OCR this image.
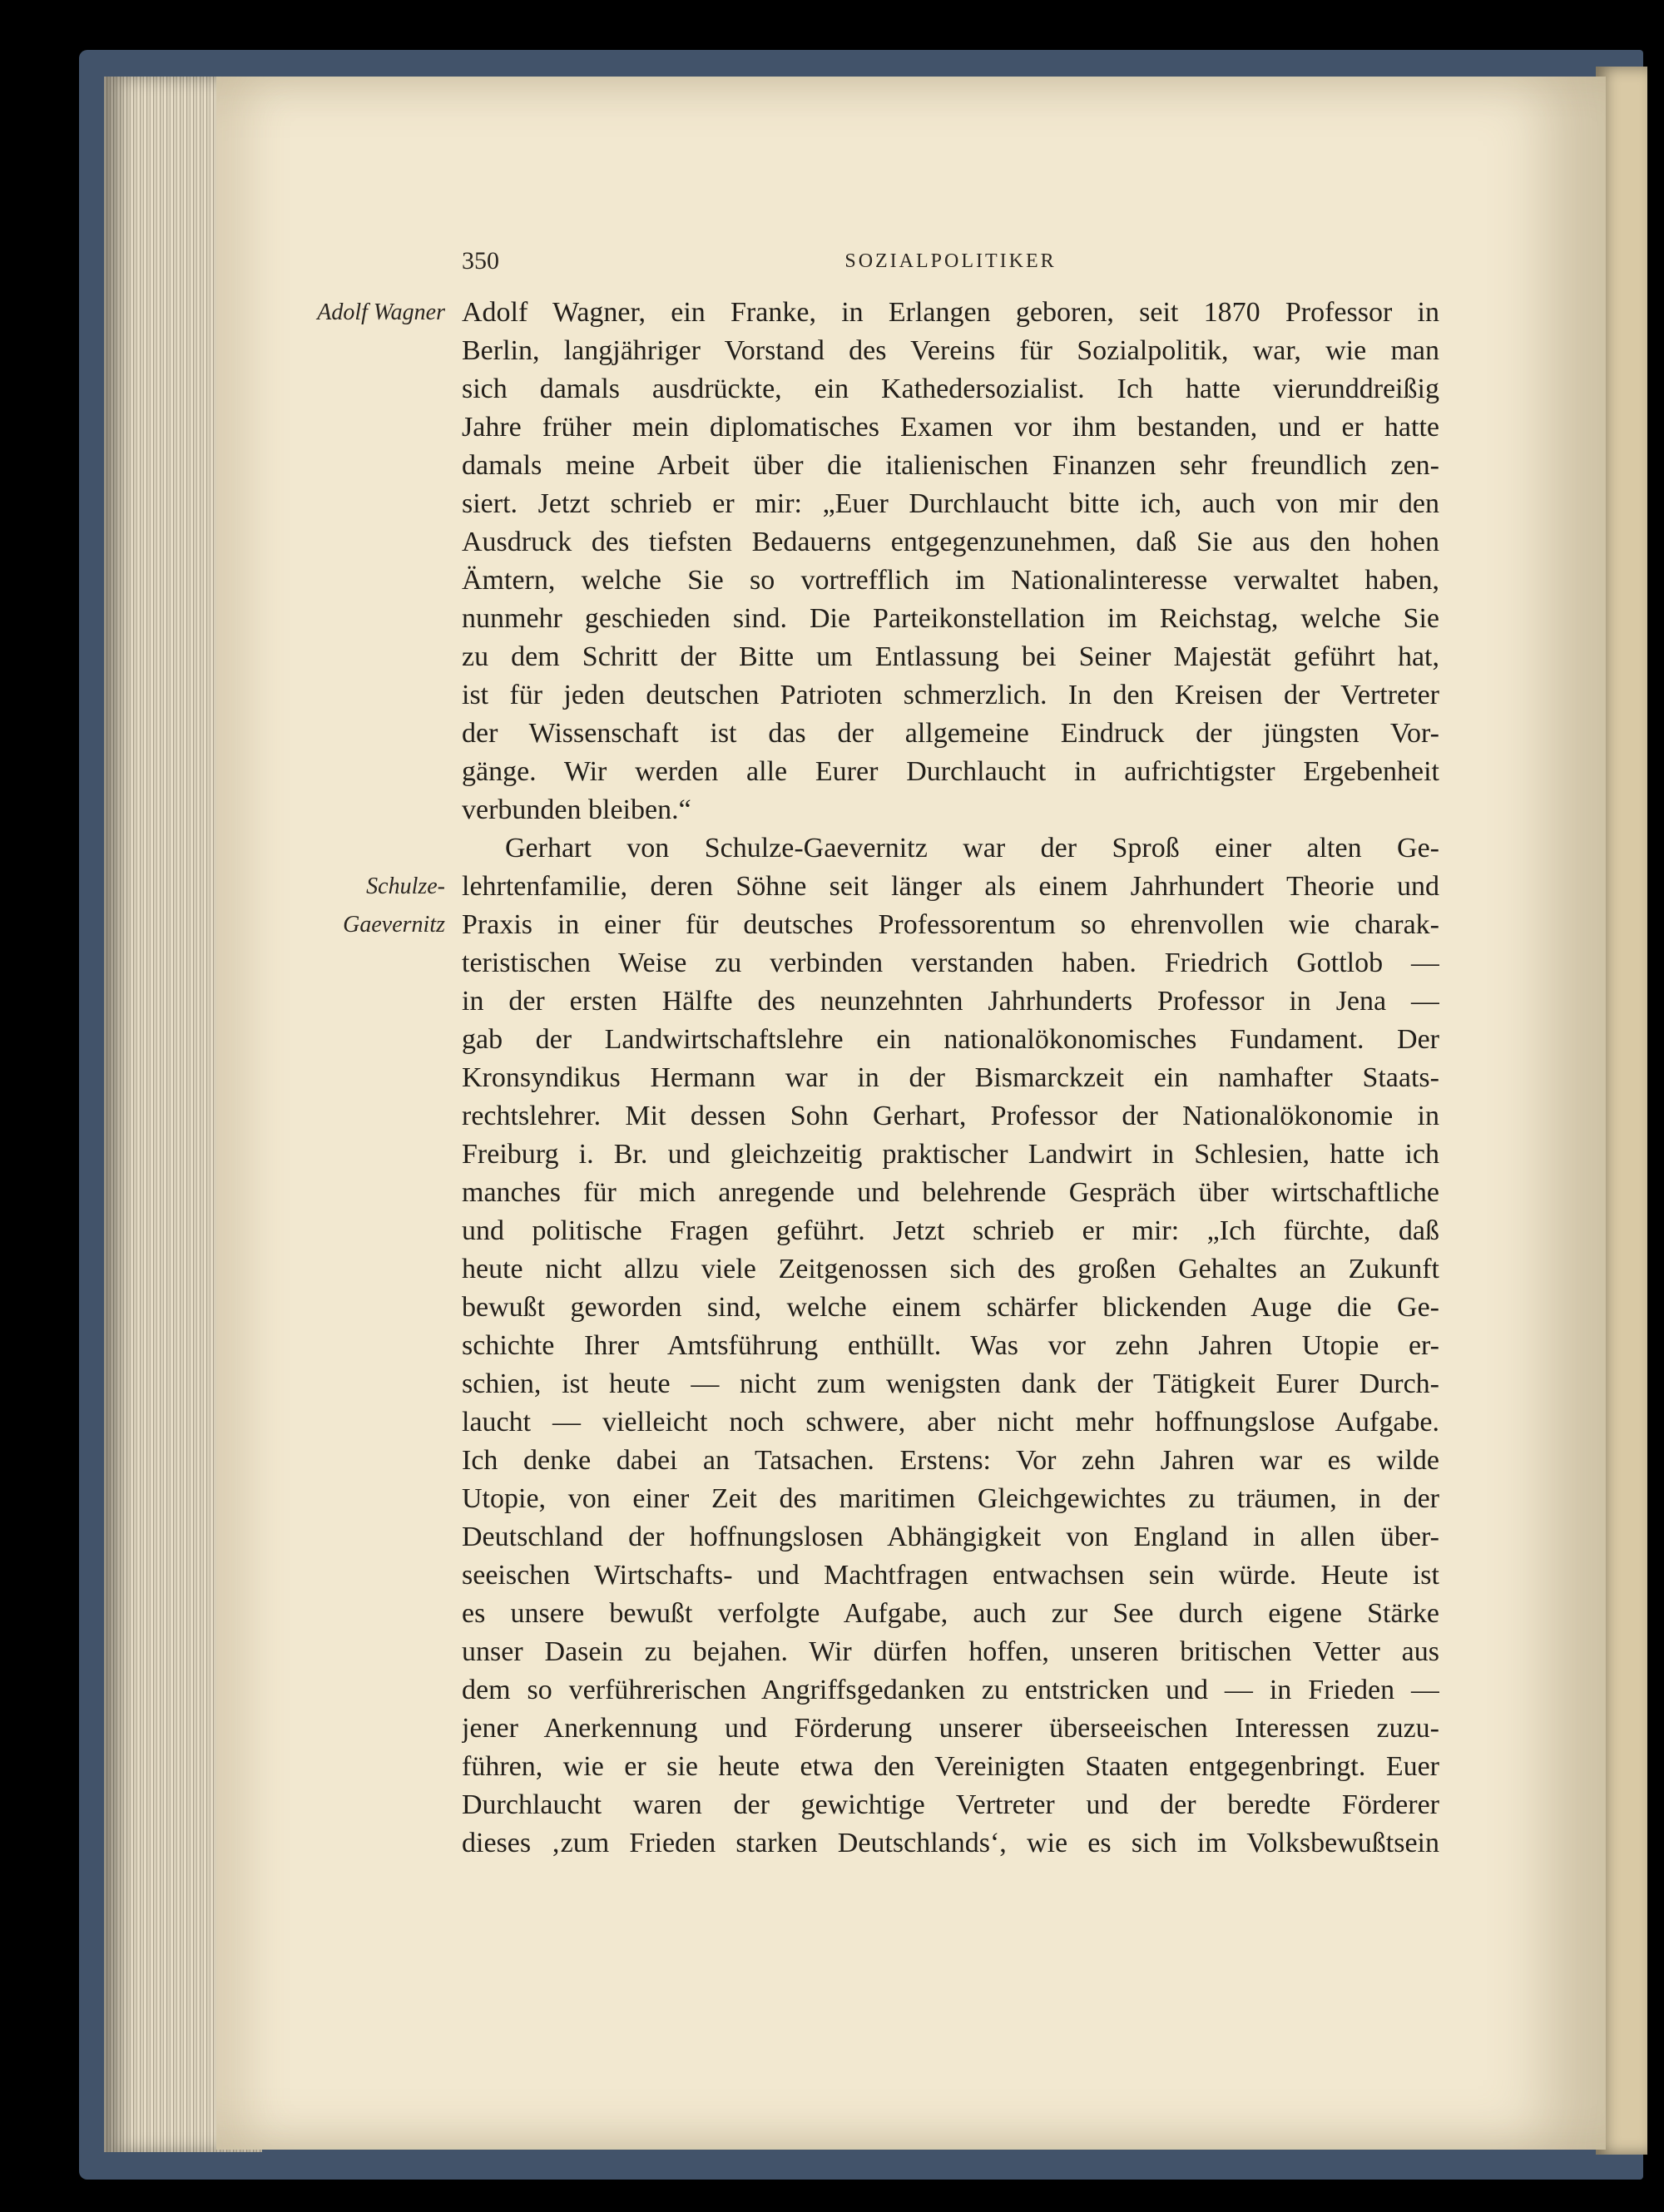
350	SOZIALPOLITIKER
Adolf Wagner
Schulze-
Gaevernitz
Adolf Wagner, ein Franke, in Erlangen geboren, seit 1870 Professor in
Berlin, langjähriger Vorstand des Vereins für Sozialpolitik, war, wie man
sich damals ausdrückte, ein Kathedersozialist. Ich hatte vierunddreißig
Jahre früher mein diplomatisches Examen vor ihm bestanden, und er hatte
damals meine Arbeit über die italienischen Finanzen sehr freundlich zen-
siert. Jetzt schrieb er mir: „Euer Durchlaucht bitte ich, auch von mir den
Ausdruck des tiefsten Bedauerns entgegenzunehmen, daß Sie aus den hohen
Ämtern, welche Sie so vortrefflich im Nationalinteresse verwaltet haben,
nunmehr geschieden sind. Die Parteikonstellation im Reichstag, welche Sie
zu dem Schritt der Bitte um Entlassung bei Seiner Majestät geführt hat,
ist für jeden deutschen Patrioten schmerzlich. In den Kreisen der Vertreter
der Wissenschaft ist das der allgemeine Eindruck der jüngsten Vor-
gänge. Wir werden alle Eurer Durchlaucht in aufrichtigster Ergebenheit
verbunden bleiben.“
Gerhart von Schulze-Gaevernitz war der Sproß einer alten Ge-
lehrtenfamilie, deren Söhne seit länger als einem Jahrhundert Theorie und
Praxis in einer für deutsches Professorentum so ehrenvollen wie charak-
teristischen Weise zu verbinden verstanden haben. Friedrich Gottlob —
in der ersten Hälfte des neunzehnten Jahrhunderts Professor in Jena —
gab der Landwirtschaftslehre ein nationalökonomisches Fundament. Der
Kronsyndikus Hermann war in der Bismarckzeit ein namhafter Staats-
rechtslehrer. Mit dessen Sohn Gerhart, Professor der Nationalökonomie in
Freiburg i. Br. und gleichzeitig praktischer Landwirt in Schlesien, hatte ich
manches für mich anregende und belehrende Gespräch über wirtschaftliche
und politische Fragen geführt. Jetzt schrieb er mir: „Ich fürchte, daß
heute nicht allzu viele Zeitgenossen sich des großen Gehaltes an Zukunft
bewußt geworden sind, welche einem schärfer blickenden Auge die Ge-
schichte Ihrer Amtsführung enthüllt. Was vor zehn Jahren Utopie er-
schien, ist heute — nicht zum wenigsten dank der Tätigkeit Eurer Durch-
laucht — vielleicht noch schwere, aber nicht mehr hoffnungslose Aufgabe.
Ich denke dabei an Tatsachen. Erstens: Vor zehn Jahren war es wilde
Utopie, von einer Zeit des maritimen Gleichgewichtes zu träumen, in der
Deutschland der hoffnungslosen Abhängigkeit von England in allen über-
seeischen Wirtschafts- und Machtfragen entwachsen sein würde. Heute ist
es unsere bewußt verfolgte Aufgabe, auch zur See durch eigene Stärke
unser Dasein zu bejahen. Wir dürfen hoffen, unseren britischen Vetter aus
dem so verführerischen Angriffsgedanken zu entstricken und — in Frieden —
jener Anerkennung und Förderung unserer überseeischen Interessen zuzu-
führen, wie er sie heute etwa den Vereinigten Staaten entgegenbringt. Euer
Durchlaucht waren der gewichtige Vertreter und der beredte Förderer
dieses ‚zum Frieden starken Deutschlands‘, wie es sich im Volksbewußtsein
